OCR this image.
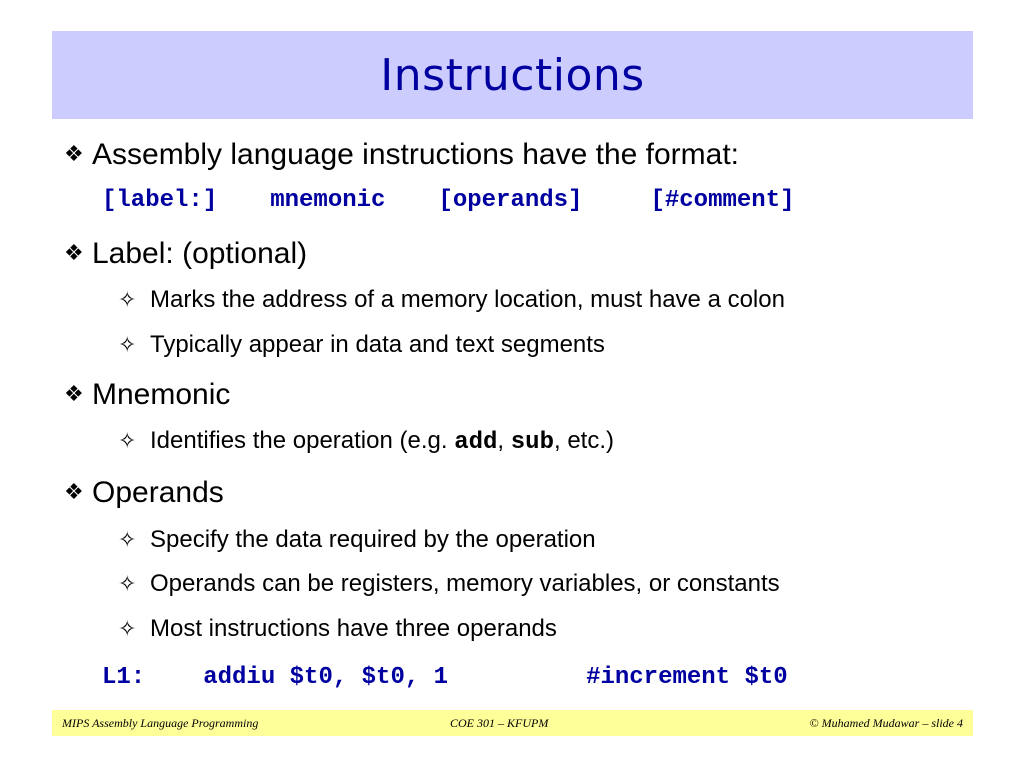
Instructions
❖ Assembly language instructions have the format:
[label:] mnemonic [operands]	[#comment]
❖ Label: (optional)
✧ Marks the address of a memory location, must have a colon
✧ Typically appear in data and text segments
❖ Mnemonic
✧ Identifies the operation (e.g. add, sub, etc.)
❖ Operands
✧ Specify the data required by the operation
✧ Operands can be registers, memory variables, or constants
✧ Most instructions have three operands
L1: addiu $t0, $t0, 1	#increment $t0
MIPS Assembly Language Programming	COE 301 – KFUPM	© Muhamed Mudawar – slide 4
